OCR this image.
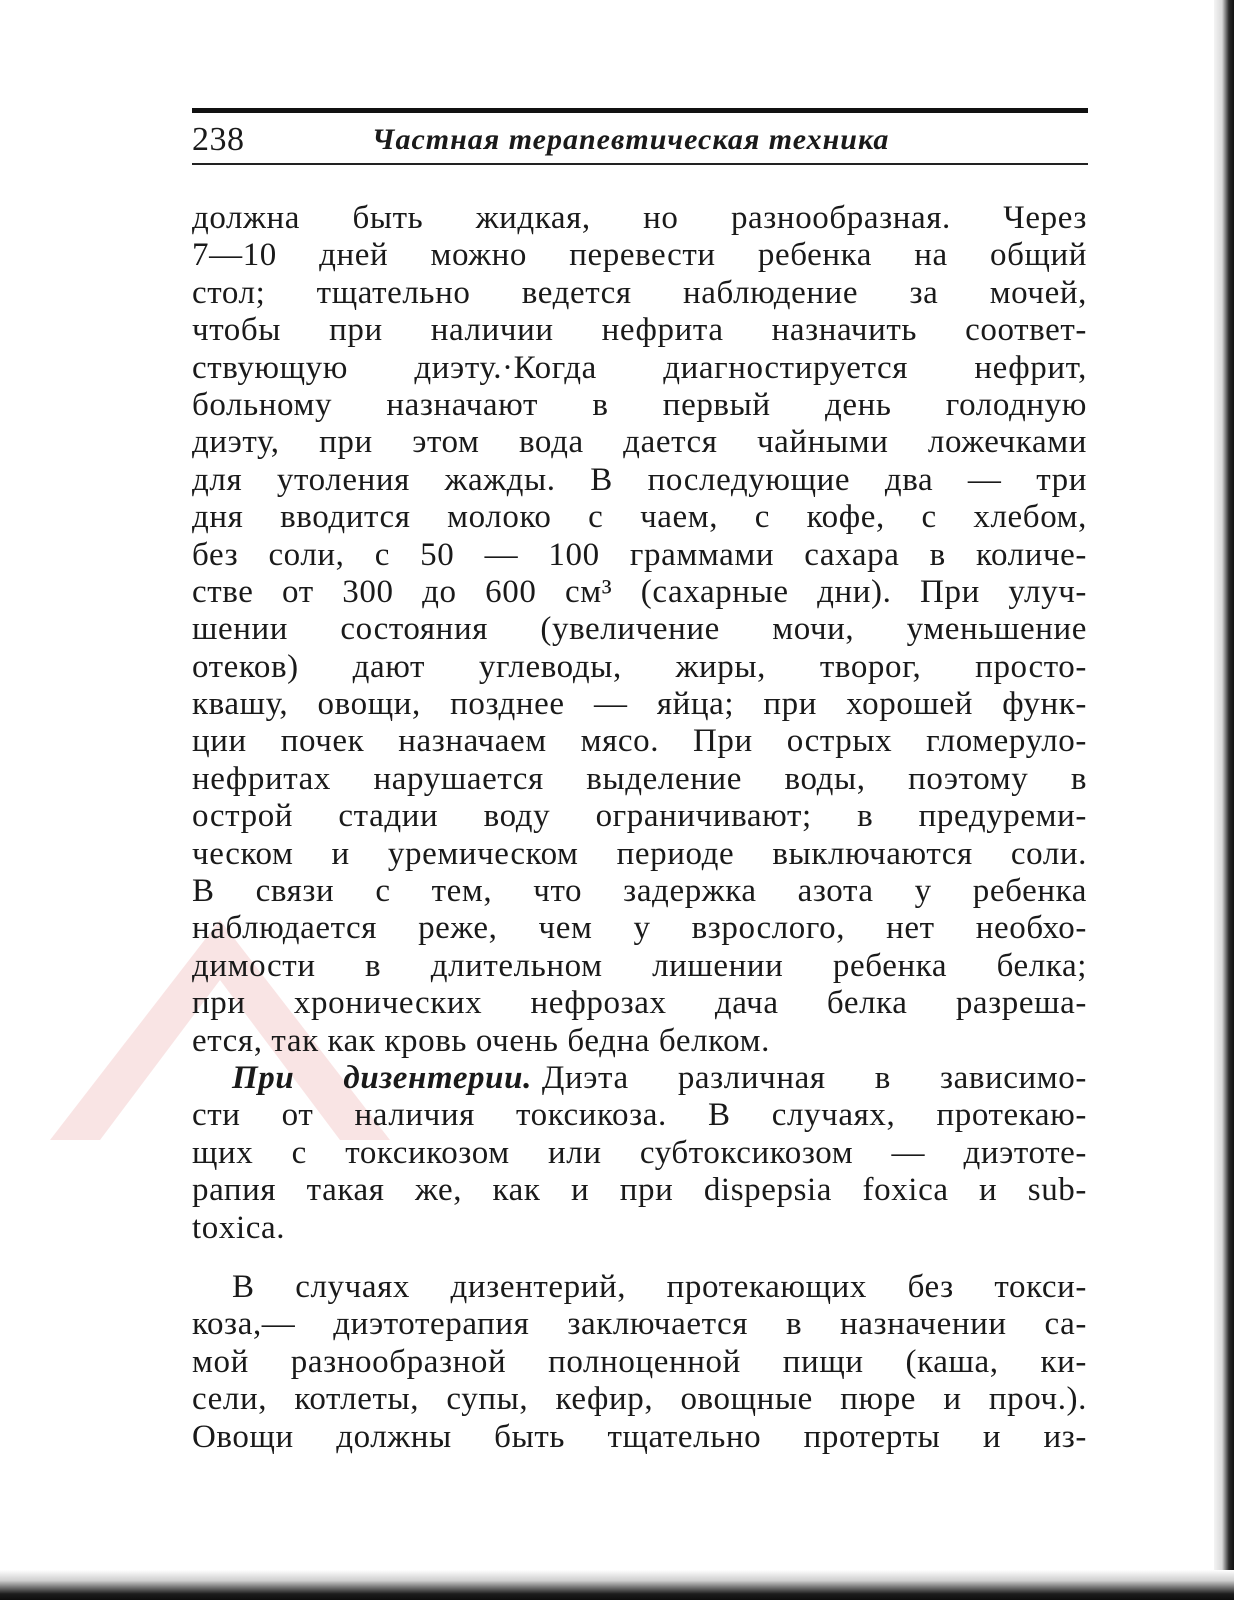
238	Частная терапевтическая техника
должна быть жидкая, но разнообразная. Через
7—10 дней можно перевести ребенка на общий
стол; тщательно ведется наблюдение за мочей,
чтобы при наличии нефрита назначить соответ-
ствующую диэту.·Когда диагностируется нефрит,
больному назначают в первый день голодную
диэту, при этом вода дается чайными ложечками
для утоления жажды. В последующие два — три
дня вводится молоко с чаем, с кофе, с хлебом,
без соли, с 50 — 100 граммами сахара в количе-
стве от 300 до 600 см³ (сахарные дни). При улуч-
шении состояния (увеличение мочи, уменьшение
отеков) дают углеводы, жиры, творог, просто-
квашу, овощи, позднее — яйца; при хорошей функ-
ции почек назначаем мясо. При острых гломеруло-
нефритах нарушается выделение воды, поэтому в
острой стадии воду ограничивают; в предуреми-
ческом и уремическом периоде выключаются соли.
В связи с тем, что задержка азота у ребенка
наблюдается реже, чем у взрослого, нет необхо-
димости в длительном лишении ребенка белка;
при хронических нефрозах дача белка разреша-
ется, так как кровь очень бедна белком.
При дизентерии. Диэта различная в зависимо-
сти от наличия токсикоза. В случаях, протекаю-
щих с токсикозом или субтоксикозом — диэтоте-
рапия такая же, как и при dispepsia foxica и sub-
toxica.
В случаях дизентерий, протекающих без токси-
коза,— диэтотерапия заключается в назначении са-
мой разнообразной полноценной пищи (каша, ки-
сели, котлеты, супы, кефир, овощные пюре и проч.).
Овощи должны быть тщательно протерты и из-
